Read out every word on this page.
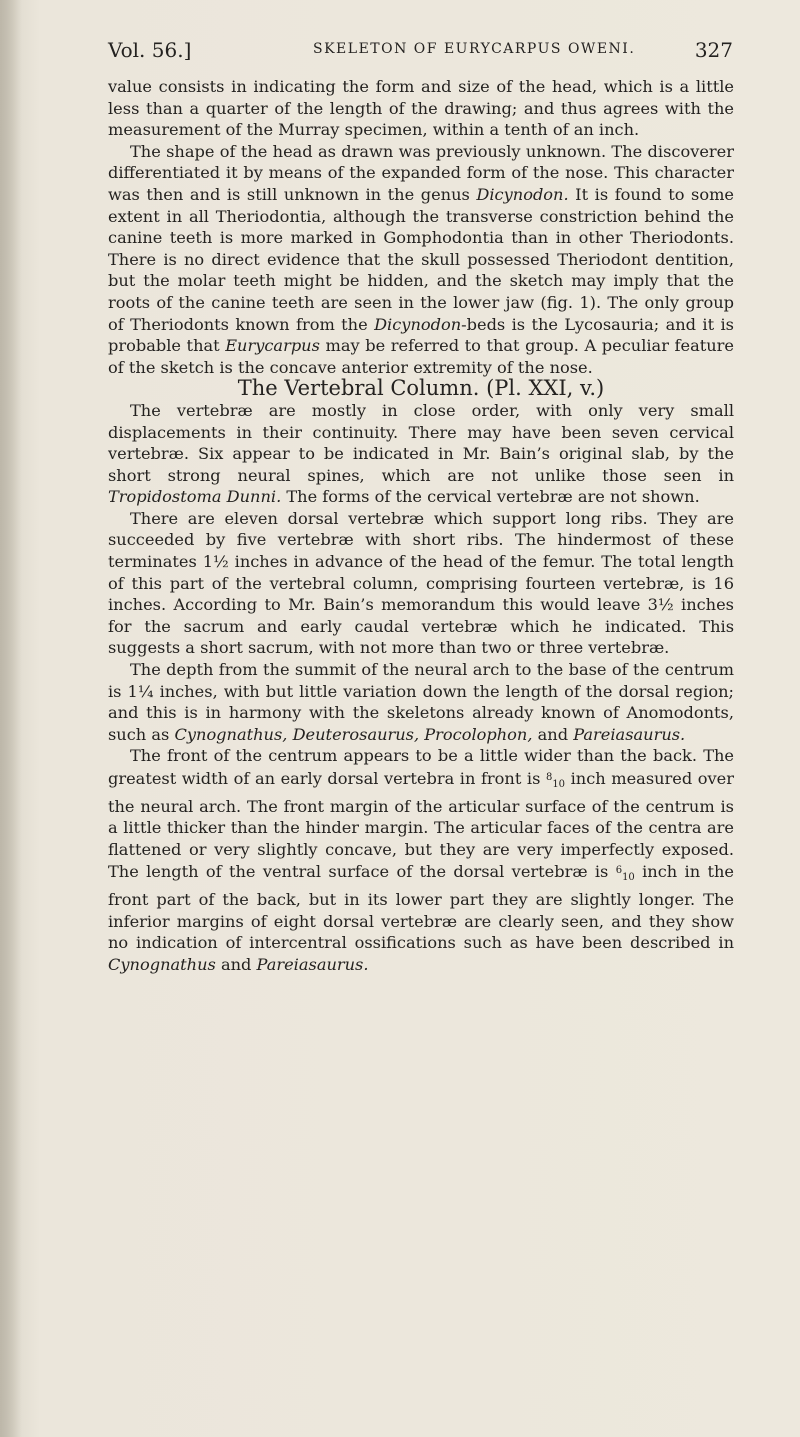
Vol. 56.]	SKELETON OF EURYCARPUS OWENI.	327

value consists in indicating the form and size of the head, which is a little less than a quarter of the length of the drawing; and thus agrees with the measurement of the Murray specimen, within a tenth of an inch.

The shape of the head as drawn was previously unknown. The discoverer differentiated it by means of the expanded form of the nose. This character was then and is still unknown in the genus Dicynodon. It is found to some extent in all Theriodontia, although the transverse constriction behind the canine teeth is more marked in Gomphodontia than in other Theriodonts. There is no direct evidence that the skull possessed Theriodont dentition, but the molar teeth might be hidden, and the sketch may imply that the roots of the canine teeth are seen in the lower jaw (fig. 1). The only group of Theriodonts known from the Dicynodon-beds is the Lycosauria; and it is probable that Eurycarpus may be referred to that group. A peculiar feature of the sketch is the concave anterior extremity of the nose.

The Vertebral Column. (Pl. XXI, v.)

The vertebræ are mostly in close order, with only very small displacements in their continuity. There may have been seven cervical vertebræ. Six appear to be indicated in Mr. Bain’s original slab, by the short strong neural spines, which are not unlike those seen in Tropidostoma Dunni. The forms of the cervical vertebræ are not shown.

There are eleven dorsal vertebræ which support long ribs. They are succeeded by five vertebræ with short ribs. The hindermost of these terminates 1½ inches in advance of the head of the femur. The total length of this part of the vertebral column, comprising fourteen vertebræ, is 16 inches. According to Mr. Bain’s memorandum this would leave 3½ inches for the sacrum and early caudal vertebræ which he indicated. This suggests a short sacrum, with not more than two or three vertebræ.

The depth from the summit of the neural arch to the base of the centrum is 1¼ inches, with but little variation down the length of the dorsal region; and this is in harmony with the skeletons already known of Anomodonts, such as Cynognathus, Deuterosaurus, Procolophon, and Pareiasaurus.

The front of the centrum appears to be a little wider than the back. The greatest width of an early dorsal vertebra in front is $^8$10 inch measured over the neural arch. The front margin of the articular surface of the centrum is a little thicker than the hinder margin. The articular faces of the centra are flattened or very slightly concave, but they are very imperfectly exposed. The length of the ventral surface of the dorsal vertebræ is $^6$10 inch in the front part of the back, but in its lower part they are slightly longer. The inferior margins of eight dorsal vertebræ are clearly seen, and they show no indication of intercentral ossifications such as have been described in Cynognathus and Pareiasaurus.
